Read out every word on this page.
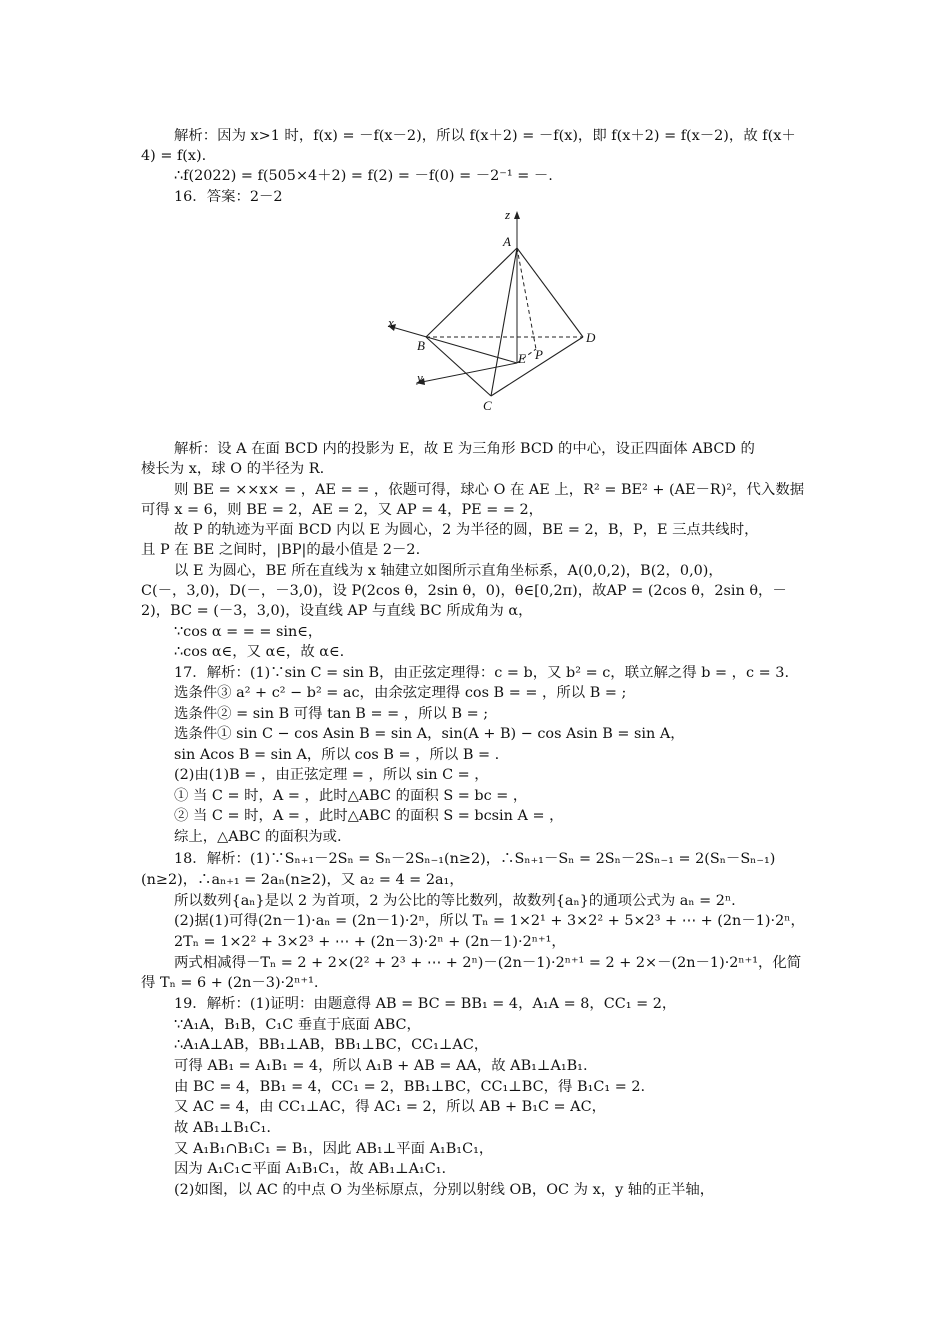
解析：因为 x>1 时，f(x) = －f(x－2)，所以 f(x＋2) = －f(x)，即 f(x＋2) = f(x－2)，故 f(x＋
4) = f(x).
∴f(2022) = f(505×4＋2) = f(2) = －f(0) = －2⁻¹ = －.
16．答案：2－2
z
A
x
B
D
E P
y
C
解析：设 A 在面 BCD 内的投影为 E，故 E 为三角形 BCD 的中心，设正四面体 ABCD 的
棱长为 x，球 O 的半径为 R.
则 BE = ××x× = ，AE = = ，依题可得，球心 O 在 AE 上，R² = BE² + (AE－R)²，代入数据
可得 x = 6，则 BE = 2，AE = 2，又 AP = 4，PE = = 2，
故 P 的轨迹为平面 BCD 内以 E 为圆心，2 为半径的圆，BE = 2，B，P，E 三点共线时，
且 P 在 BE 之间时，|BP|的最小值是 2－2.
以 E 为圆心，BE 所在直线为 x 轴建立如图所示直角坐标系，A(0,0,2)，B(2，0,0)，
C(－，3,0)，D(－，－3,0)，设 P(2cos θ，2sin θ，0)，θ∈[0,2π)，故AP = (2cos θ，2sin θ，－
2)，BC = (－3，3,0)，设直线 AP 与直线 BC 所成角为 α，
∵cos α = = = sin∈，
∴cos α∈，又 α∈，故 α∈.
17．解析：(1)∵sin C = sin B，由正弦定理得：c = b，又 b² = c，联立解之得 b = ，c = 3.
选条件③ a² + c² − b² = ac，由余弦定理得 cos B = = ，所以 B = ;
选条件② = sin B 可得 tan B = = ，所以 B = ;
选条件① sin C − cos Asin B = sin A，sin(A + B) − cos Asin B = sin A，
sin Acos B = sin A，所以 cos B = ，所以 B = .
(2)由(1)B = ，由正弦定理 = ，所以 sin C = ，
① 当 C = 时，A = ，此时△ABC 的面积 S = bc = ，
② 当 C = 时，A = ，此时△ABC 的面积 S = bcsin A = ，
综上，△ABC 的面积为或.
18．解析：(1)∵Sₙ₊₁－2Sₙ = Sₙ－2Sₙ₋₁(n≥2)，∴Sₙ₊₁－Sₙ = 2Sₙ－2Sₙ₋₁ = 2(Sₙ－Sₙ₋₁)
(n≥2)，∴aₙ₊₁ = 2aₙ(n≥2)，又 a₂ = 4 = 2a₁，
所以数列{aₙ}是以 2 为首项，2 为公比的等比数列，故数列{aₙ}的通项公式为 aₙ = 2ⁿ.
(2)据(1)可得(2n－1)·aₙ = (2n－1)·2ⁿ，所以 Tₙ = 1×2¹ + 3×2² + 5×2³ + ⋯ + (2n－1)·2ⁿ，
2Tₙ = 1×2² + 3×2³ + ⋯ + (2n－3)·2ⁿ + (2n－1)·2ⁿ⁺¹，
两式相减得－Tₙ = 2 + 2×(2² + 2³ + ⋯ + 2ⁿ)－(2n－1)·2ⁿ⁺¹ = 2 + 2×－(2n－1)·2ⁿ⁺¹，化简
得 Tₙ = 6 + (2n－3)·2ⁿ⁺¹.
19．解析：(1)证明：由题意得 AB = BC = BB₁ = 4，A₁A = 8，CC₁ = 2，
∵A₁A，B₁B，C₁C 垂直于底面 ABC，
∴A₁A⊥AB，BB₁⊥AB，BB₁⊥BC，CC₁⊥AC，
可得 AB₁ = A₁B₁ = 4，所以 A₁B + AB = AA，故 AB₁⊥A₁B₁.
由 BC = 4，BB₁ = 4，CC₁ = 2，BB₁⊥BC，CC₁⊥BC，得 B₁C₁ = 2.
又 AC = 4，由 CC₁⊥AC，得 AC₁ = 2，所以 AB + B₁C = AC，
故 AB₁⊥B₁C₁.
又 A₁B₁∩B₁C₁ = B₁，因此 AB₁⊥平面 A₁B₁C₁，
因为 A₁C₁⊂平面 A₁B₁C₁，故 AB₁⊥A₁C₁.
(2)如图，以 AC 的中点 O 为坐标原点，分别以射线 OB，OC 为 x，y 轴的正半轴，
